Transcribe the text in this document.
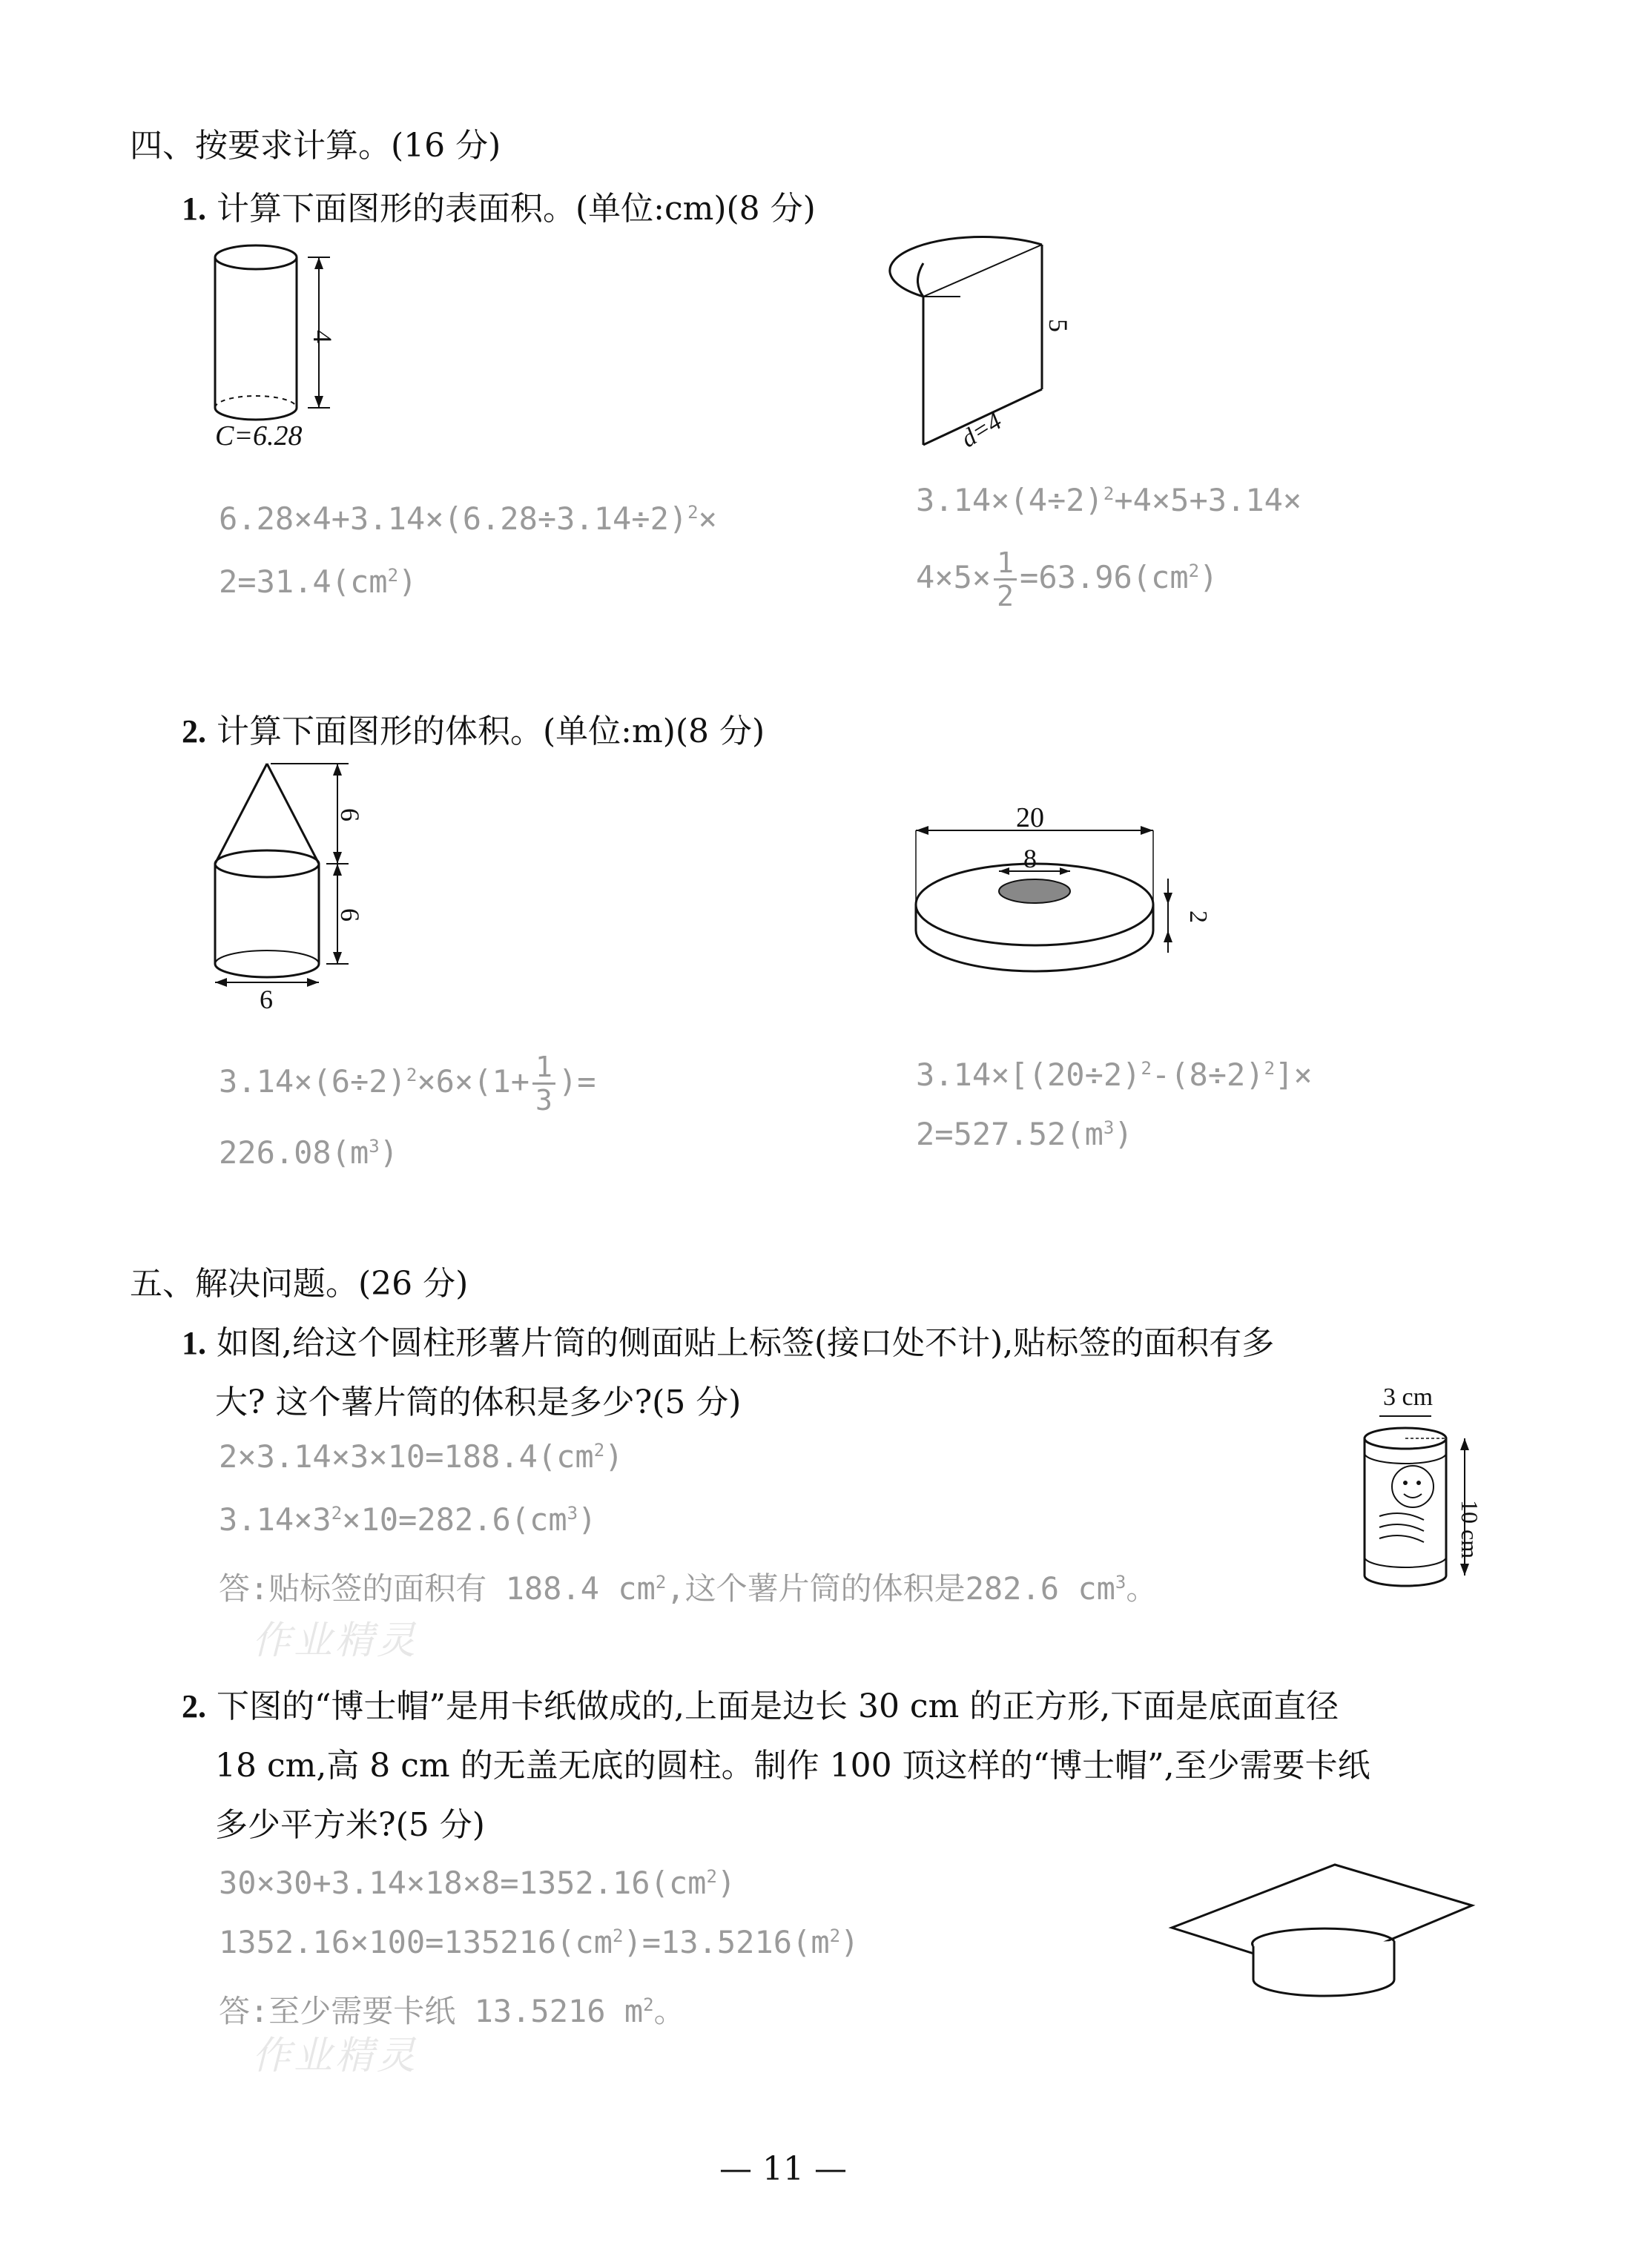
四、按要求计算。(16 分)
1. 计算下面图形的表面积。(单位:cm)(8 分)
4
C=6.28
5
d=4
$6.28\times 4+3.14\times(6.28\div 3.14\div 2)^2\times$
$2=31.4(cm^2)$
$3.14\times(4\div 2)^2+4\times 5+3.14\times$
$4\times 5\times \frac{1}{2} =63.96(cm^2)$
2. 计算下面图形的体积。(单位:m)(8 分)
6
6
6
20
8
2
$3.14\times(6\div 2)^2\times 6\times(1+ \frac{1}{3}$ )=
$226.08(m^3)$
$3.14\times[(20\div 2)^2-(8\div 2)^2]\times$
$2=527.52(m^3)$
五、解决问题。(26 分)
1. 如图,给这个圆柱形薯片筒的侧面贴上标签(接口处不计),贴标签的面积有多
大? 这个薯片筒的体积是多少?(5 分)	3 cm
10 cm
$2\times 3.14\times 3\times 10=188.4(cm^2)$
$3.14\times 3^2\times 10=282.6(cm^3)$
答:贴标签的面积有 188.4 $cm^2$,这个薯片筒的体积是282.6 $cm^3$。
作业精灵
2. 下图的“博士帽”是用卡纸做成的,上面是边长 30 cm 的正方形,下面是底面直径
18 cm,高 8 cm 的无盖无底的圆柱。制作 100 顶这样的“博士帽”,至少需要卡纸
多少平方米?(5 分)
$30\times 30+3.14\times 18\times 8=1352.16(cm^2)$
$1352.16\times 100=135216(cm^2)=13.5216(m^2)$
答:至少需要卡纸 13.5216 $m^2$。
作业精灵
— 11 —
